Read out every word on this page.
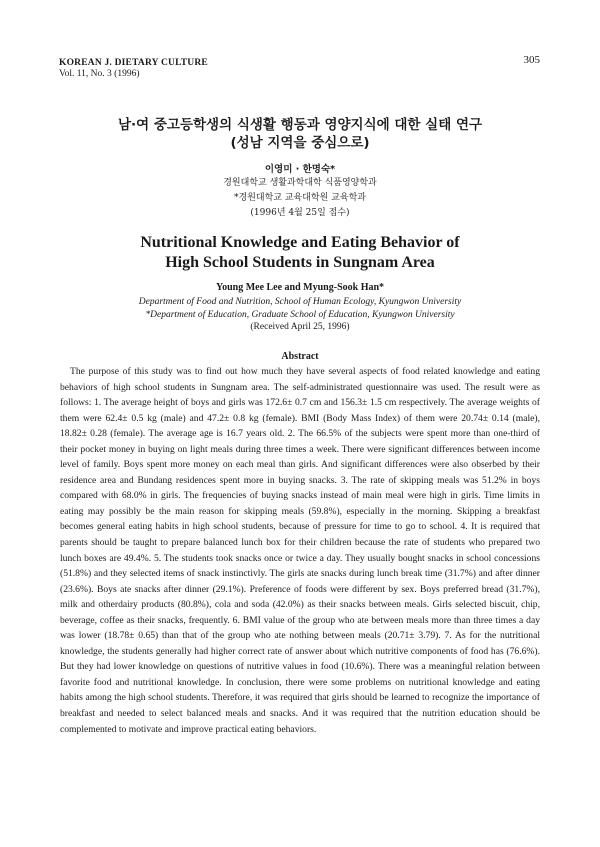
KOREAN J. DIETARY CULTURE
Vol. 11, No. 3 (1996)
305
남·여 중고등학생의 식생활 행동과 영양지식에 대한 실태 연구
(성남 지역을 중심으로)
이영미 · 한명숙*
경원대학교 생활과학대학 식품영양학과
*경원대학교 교육대학원 교육학과
(1996년 4월 25일 접수)
Nutritional Knowledge and Eating Behavior of
High School Students in Sungnam Area
Young Mee Lee and Myung-Sook Han*
Department of Food and Nutrition, School of Human Ecology, Kyungwon University
*Department of Education, Graduate School of Education, Kyungwon University
(Received April 25, 1996)
Abstract

The purpose of this study was to find out how much they have several aspects of food related knowledge and eating behaviors of high school students in Sungnam area. The self-administrated questionnaire was used. The result were as follows: 1. The average height of boys and girls was 172.6± 0.7 cm and 156.3± 1.5 cm respectively. The average weights of them were 62.4± 0.5 kg (male) and 47.2± 0.8 kg (female). BMI (Body Mass Index) of them were 20.74± 0.14 (male), 18.82± 0.28 (female). The average age is 16.7 years old. 2. The 66.5% of the subjects were spent more than one-third of their pocket money in buying on light meals during three times a week. There were significant differences between income level of family. Boys spent more money on each meal than girls. And significant differences were also obserbed by their residence area and Bundang residences spent more in buying snacks. 3. The rate of skipping meals was 51.2% in boys compared with 68.0% in girls. The frequencies of buying snacks instead of main meal were high in girls. Time limits in eating may possibly be the main reason for skipping meals (59.8%), especially in the morning. Skipping a breakfast becomes general eating habits in high school students, because of pressure for time to go to school. 4. It is required that parents should be taught to prepare balanced lunch box for their children because the rate of students who prepared two lunch boxes are 49.4%. 5. The students took snacks once or twice a day. They usually bought snacks in school concessions (51.8%) and they selected items of snack instinctivly. The girls ate snacks during lunch break time (31.7%) and after dinner (23.6%). Boys ate snacks after dinner (29.1%). Preference of foods were different by sex. Boys preferred bread (31.7%), milk and otherdairy products (80.8%), cola and soda (42.0%) as their snacks between meals. Girls selected biscuit, chip, beverage, coffee as their snacks, frequently. 6. BMI value of the group who ate between meals more than three times a day was lower (18.78± 0.65) than that of the group who ate nothing between meals (20.71± 3.79). 7. As for the nutritional knowledge, the students generally had higher correct rate of answer about which nutritive components of food has (76.6%). But they had lower knowledge on questions of nutritive values in food (10.6%). There was a meaningful relation between favorite food and nutritional knowledge. In conclusion, there were some problems on nutritional knowledge and eating habits among the high school students. Therefore, it was required that girls should be learned to recognize the importance of breakfast and needed to select balanced meals and snacks. And it was required that the nutrition education should be complemented to motivate and improve practical eating behaviors.
